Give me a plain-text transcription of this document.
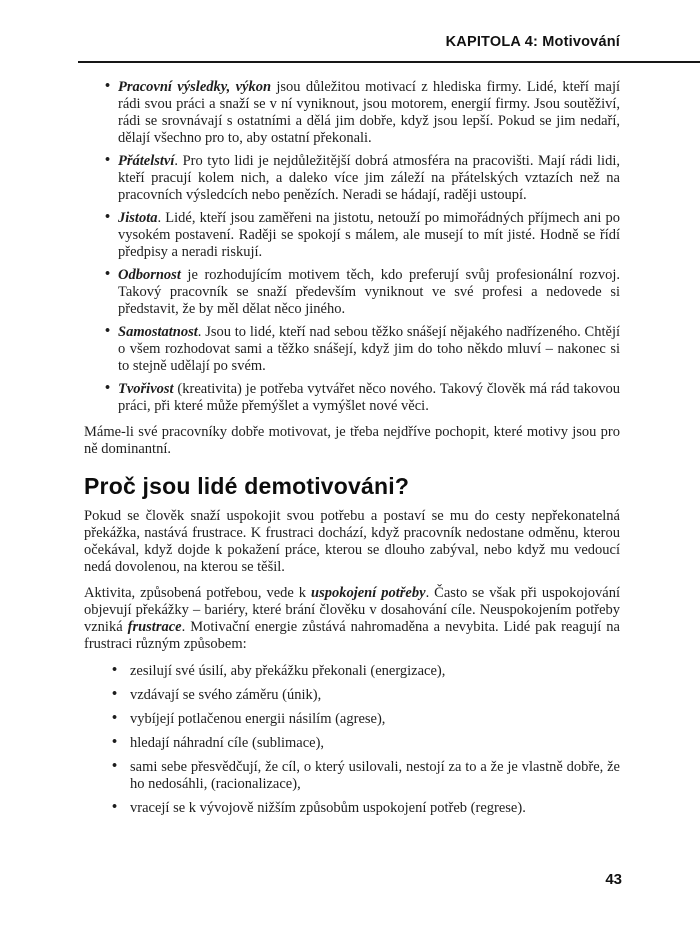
KAPITOLA 4: Motivování
• Pracovní výsledky, výkon jsou důležitou motivací z hlediska firmy. Lidé, kteří mají rádi svou práci a snaží se v ní vyniknout, jsou motorem, energií firmy. Jsou soutěživí, rádi se srovnávají s ostatními a dělá jim dobře, když jsou lepší. Pokud se jim nedaří, dělají všechno pro to, aby ostatní překonali.
• Přátelství. Pro tyto lidi je nejdůležitější dobrá atmosféra na pracovišti. Mají rádi lidi, kteří pracují kolem nich, a daleko více jim záleží na přátelských vztazích než na pracovních výsledcích nebo penězích. Neradi se hádají, raději ustoupí.
• Jistota. Lidé, kteří jsou zaměřeni na jistotu, netouží po mimořádných příjmech ani po vysokém postavení. Raději se spokojí s málem, ale musejí to mít jisté. Hodně se řídí předpisy a neradi riskují.
• Odbornost je rozhodujícím motivem těch, kdo preferují svůj profesionální rozvoj. Takový pracovník se snaží především vyniknout ve své profesi a nedovede si představit, že by měl dělat něco jiného.
• Samostatnost. Jsou to lidé, kteří nad sebou těžko snášejí nějakého nadřízeného. Chtějí o všem rozhodovat sami a těžko snášejí, když jim do toho někdo mluví – nakonec si to stejně udělají po svém.
• Tvořivost (kreativita) je potřeba vytvářet něco nového. Takový člověk má rád takovou práci, při které může přemýšlet a vymýšlet nové věci.

Máme-li své pracovníky dobře motivovat, je třeba nejdříve pochopit, které motivy jsou pro ně dominantní.

Proč jsou lidé demotivováni?

Pokud se člověk snaží uspokojit svou potřebu a postaví se mu do cesty nepřekonatelná překážka, nastává frustrace. K frustraci dochází, když pracovník nedostane odměnu, kterou očekával, když dojde k pokažení práce, kterou se dlouho zabýval, nebo když mu vedoucí nedá dovolenou, na kterou se těšil.

Aktivita, způsobená potřebou, vede k uspokojení potřeby. Často se však při uspokojování objevují překážky – bariéry, které brání člověku v dosahování cíle. Neuspokojením potřeby vzniká frustrace. Motivační energie zůstává nahromaděna a nevybita. Lidé pak reagují na frustraci různým způsobem:

• zesilují své úsilí, aby překážku překonali (energizace),
• vzdávají se svého záměru (únik),
• vybíjejí potlačenou energii násilím (agrese),
• hledají náhradní cíle (sublimace),
• sami sebe přesvědčují, že cíl, o který usilovali, nestojí za to a že je vlastně dobře, že ho nedosáhli, (racionalizace),
• vracejí se k vývojově nižším způsobům uspokojení potřeb (regrese).
43
